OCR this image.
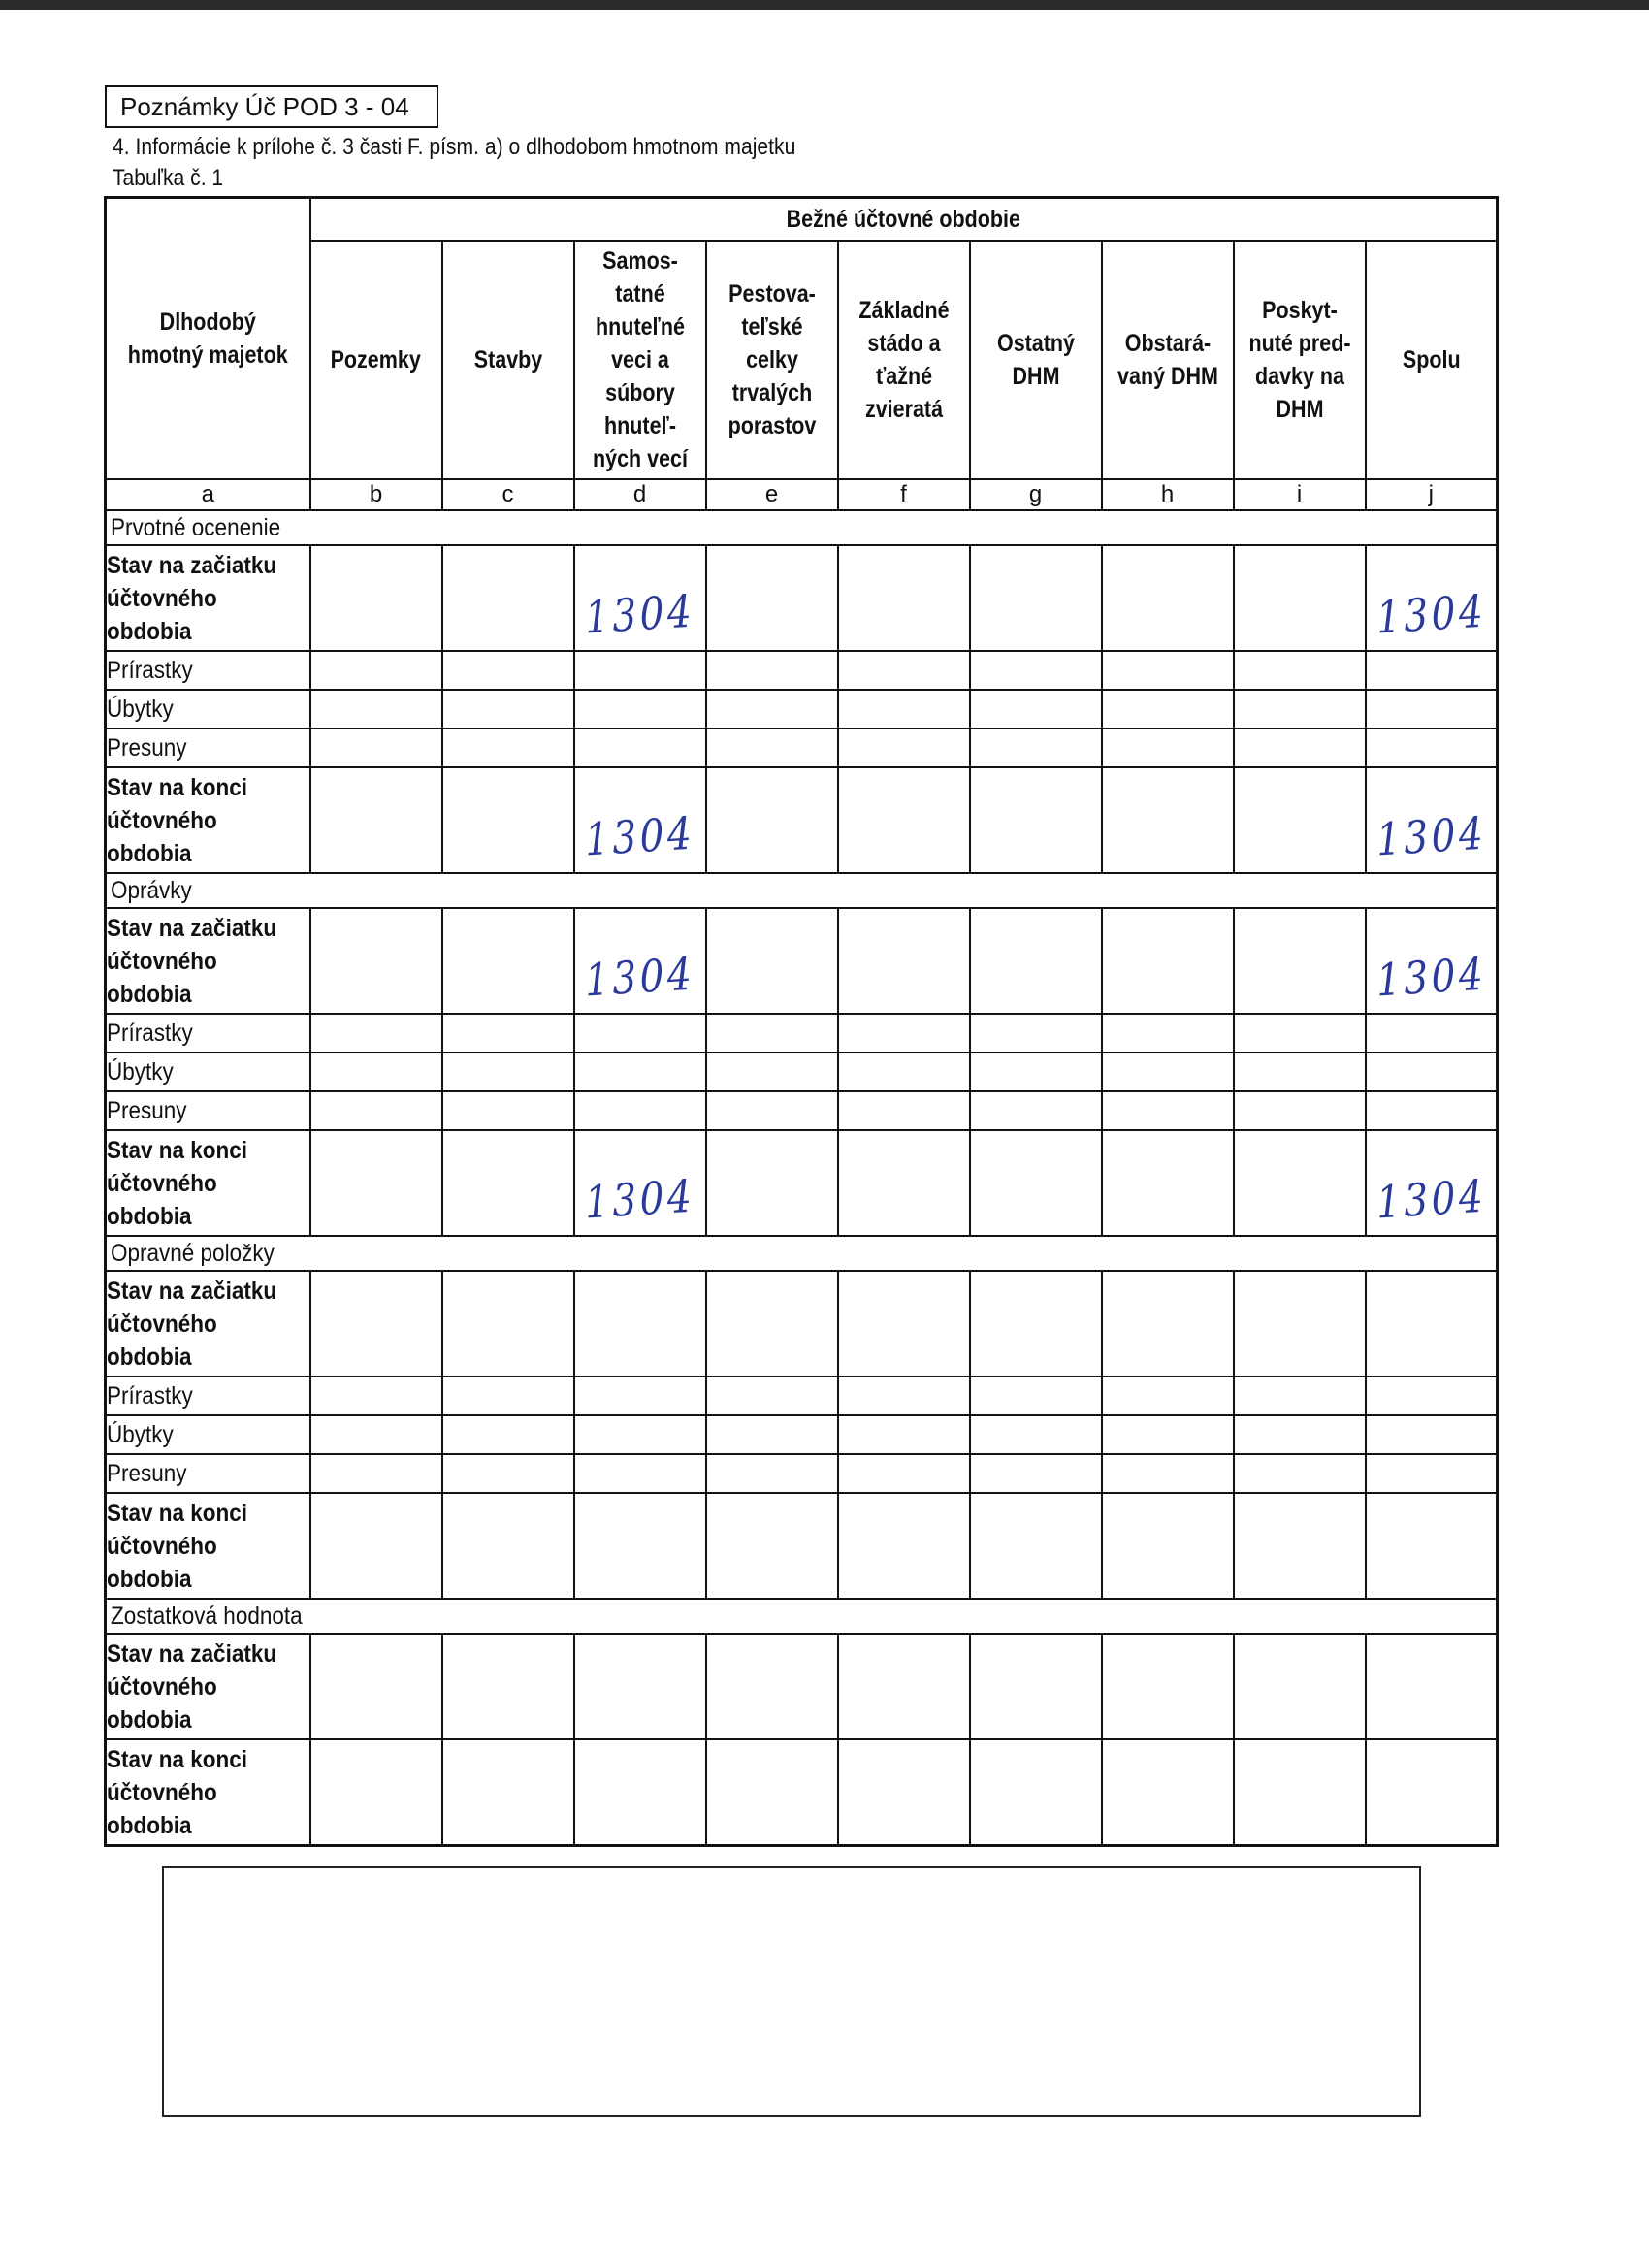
Poznámky Úč POD 3 - 04
4. Informácie k prílohe č. 3 časti F. písm. a) o dlhodobom hmotnom majetku
Tabuľka č. 1
Dlhodobý hmotný majetok	Bežné účtovné obdobie								
	Pozemky	Stavby	Samos- tatné hnuteľné veci a súbory hnuteľ- ných vecí	Pestova- teľské celky trvalých porastov	Základné stádo a ťažné zvieratá	Ostatný DHM	Obstará- vaný DHM	Poskyt- nuté pred- davky na DHM	Spolu
a	b	c	d	e	f	g	h	i	j
Prvotné ocenenie									
Stav na začiatku účtovného obdobia			1304						1304
Prírastky									
Úbytky									
Presuny									
Stav na konci účtovného obdobia			1304						1304
Oprávky									
Stav na začiatku účtovného obdobia			1304						1304
Prírastky									
Úbytky									
Presuny									
Stav na konci účtovného obdobia			1304						1304
Opravné položky									
Stav na začiatku účtovného obdobia									
Prírastky									
Úbytky									
Presuny									
Stav na konci účtovného obdobia									
Zostatková hodnota									
Stav na začiatku účtovného obdobia									
Stav na konci účtovného obdobia									
